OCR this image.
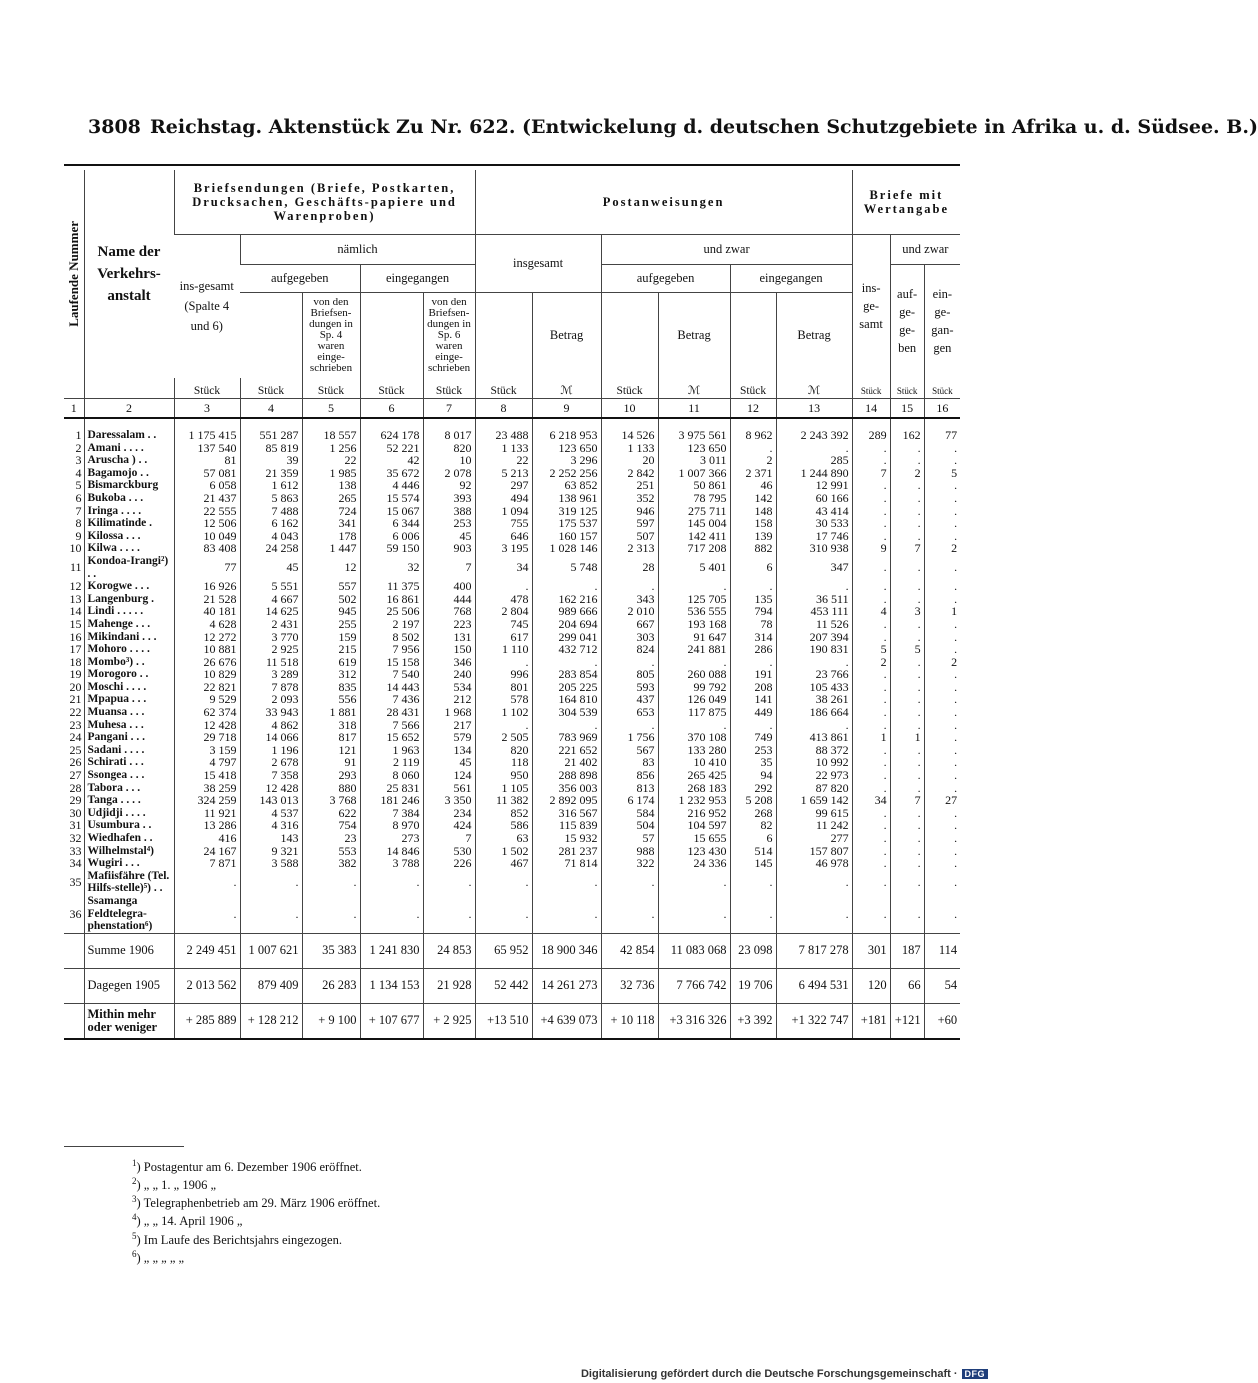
3808 Reichstag. Aktenstück Zu Nr. 622. (Entwickelung d. deutschen Schutzgebiete in Afrika u. d. Südsee. B.)
Laufende Nummer	Name der Verkehrs-anstalt	Briefsendungen (Briefe, Postkarten, Drucksachen, Geschäfts-papiere und Warenproben)					Postanweisungen						Briefe mit Wertangabe		
		ins-gesamt (Spalte 4 und 6)	nämlich				insgesamt		und zwar				ins-ge-samt	und zwar	
			aufgegeben		eingegangen				aufgegeben		eingegangen			auf-ge-ge-ben	ein-ge-gan-gen
				von den Briefsen-dungen in Sp. 4 waren einge-schrieben		von den Briefsen-dungen in Sp. 6 waren einge-schrieben		Betrag		Betrag		Betrag			
		Stück	Stück	Stück	Stück	Stück	Stück	ℳ	Stück	ℳ	Stück	ℳ	Stück	Stück	Stück
1	2	3	4	5	6	7	8	9	10	11	12	13	14	15	16
1	Daressalam . .	1 175 415	551 287	18 557	624 178	8 017	23 488	6 218 953	14 526	3 975 561	8 962	2 243 392	289	162	77
2	Amani . . . .	137 540	85 819	1 256	52 221	820	1 133	123 650	1 133	123 650	.	.	.	.	.
3	Aruscha ) . .	81	39	22	42	10	22	3 296	20	3 011	2	285	.	.	.
4	Bagamojo . .	57 081	21 359	1 985	35 672	2 078	5 213	2 252 256	2 842	1 007 366	2 371	1 244 890	7	2	5
5	Bismarckburg	6 058	1 612	138	4 446	92	297	63 852	251	50 861	46	12 991	.	.	.
6	Bukoba . . .	21 437	5 863	265	15 574	393	494	138 961	352	78 795	142	60 166	.	.	.
7	Iringa . . . .	22 555	7 488	724	15 067	388	1 094	319 125	946	275 711	148	43 414	.	.	.
8	Kilimatinde .	12 506	6 162	341	6 344	253	755	175 537	597	145 004	158	30 533	.	.	.
9	Kilossa . . .	10 049	4 043	178	6 006	45	646	160 157	507	142 411	139	17 746	.	.	.
10	Kilwa . . . .	83 408	24 258	1 447	59 150	903	3 195	1 028 146	2 313	717 208	882	310 938	9	7	2
11	Kondoa-Irangi²) . .	77	45	12	32	7	34	5 748	28	5 401	6	347	.	.	.
12	Korogwe . . .	16 926	5 551	557	11 375	400	.	.	.	.	.	.	.	.	.
13	Langenburg .	21 528	4 667	502	16 861	444	478	162 216	343	125 705	135	36 511	.	.	.
14	Lindi . . . . .	40 181	14 625	945	25 506	768	2 804	989 666	2 010	536 555	794	453 111	4	3	1
15	Mahenge . . .	4 628	2 431	255	2 197	223	745	204 694	667	193 168	78	11 526	.	.	.
16	Mikindani . . .	12 272	3 770	159	8 502	131	617	299 041	303	91 647	314	207 394	.	.	.
17	Mohoro . . . .	10 881	2 925	215	7 956	150	1 110	432 712	824	241 881	286	190 831	5	5	.
18	Mombo³) . .	26 676	11 518	619	15 158	346	.	.	.	.	.	.	2	.	2
19	Morogoro . .	10 829	3 289	312	7 540	240	996	283 854	805	260 088	191	23 766	.	.	.
20	Moschi . . . .	22 821	7 878	835	14 443	534	801	205 225	593	99 792	208	105 433	.	.	.
21	Mpapua . . .	9 529	2 093	556	7 436	212	578	164 810	437	126 049	141	38 261	.	.	.
22	Muansa . . .	62 374	33 943	1 881	28 431	1 968	1 102	304 539	653	117 875	449	186 664	.	.	.
23	Muhesa . . .	12 428	4 862	318	7 566	217	.	.	.	.	.	.	.	.	.
24	Pangani . . .	29 718	14 066	817	15 652	579	2 505	783 969	1 756	370 108	749	413 861	1	1	.
25	Sadani . . . .	3 159	1 196	121	1 963	134	820	221 652	567	133 280	253	88 372	.	.	.
26	Schirati . . .	4 797	2 678	91	2 119	45	118	21 402	83	10 410	35	10 992	.	.	.
27	Ssongea . . .	15 418	7 358	293	8 060	124	950	288 898	856	265 425	94	22 973	.	.	.
28	Tabora . . .	38 259	12 428	880	25 831	561	1 105	356 003	813	268 183	292	87 820	.	.	.
29	Tanga . . . .	324 259	143 013	3 768	181 246	3 350	11 382	2 892 095	6 174	1 232 953	5 208	1 659 142	34	7	27
30	Udjidji . . . .	11 921	4 537	622	7 384	234	852	316 567	584	216 952	268	99 615	.	.	.
31	Usumbura . .	13 286	4 316	754	8 970	424	586	115 839	504	104 597	82	11 242	.	.	.
32	Wiedhafen . .	416	143	23	273	7	63	15 932	57	15 655	6	277	.	.	.
33	Wilhelmstal⁴)	24 167	9 321	553	14 846	530	1 502	281 237	988	123 430	514	157 807	.	.	.
34	Wugiri . . .	7 871	3 588	382	3 788	226	467	71 814	322	24 336	145	46 978	.	.	.
35	Mafiisfähre (Tel. Hilfs-stelle)⁵) . .	.	.	.	.	.	.	.	.	.	.	.	.	.	.
36	Ssamanga Feldtelegra-phenstation⁶)	.	.	.	.	.	.	.	.	.	.	.	.	.	.
	Summe 1906	2 249 451	1 007 621	35 383	1 241 830	24 853	65 952	18 900 346	42 854	11 083 068	23 098	7 817 278	301	187	114
	Dagegen 1905	2 013 562	879 409	26 283	1 134 153	21 928	52 442	14 261 273	32 736	7 766 742	19 706	6 494 531	120	66	54
	Mithin mehr oder weniger	+ 285 889	+ 128 212	+ 9 100	+ 107 677	+ 2 925	+13 510	+4 639 073	+ 10 118	+3 316 326	+3 392	+1 322 747	+181	+121	+60
$^1$) Postagentur am 6. Dezember 1906 eröffnet.
$^2$) „ „ 1. „ 1906 „
$^3$) Telegraphenbetrieb am 29. März 1906 eröffnet.
$^4$) „ „ 14. April 1906 „
$^5$) Im Laufe des Berichtsjahrs eingezogen.
$^6$) „ „ „ „ „
Digitalisierung gefördert durch die Deutsche Forschungsgemeinschaft · DFG
